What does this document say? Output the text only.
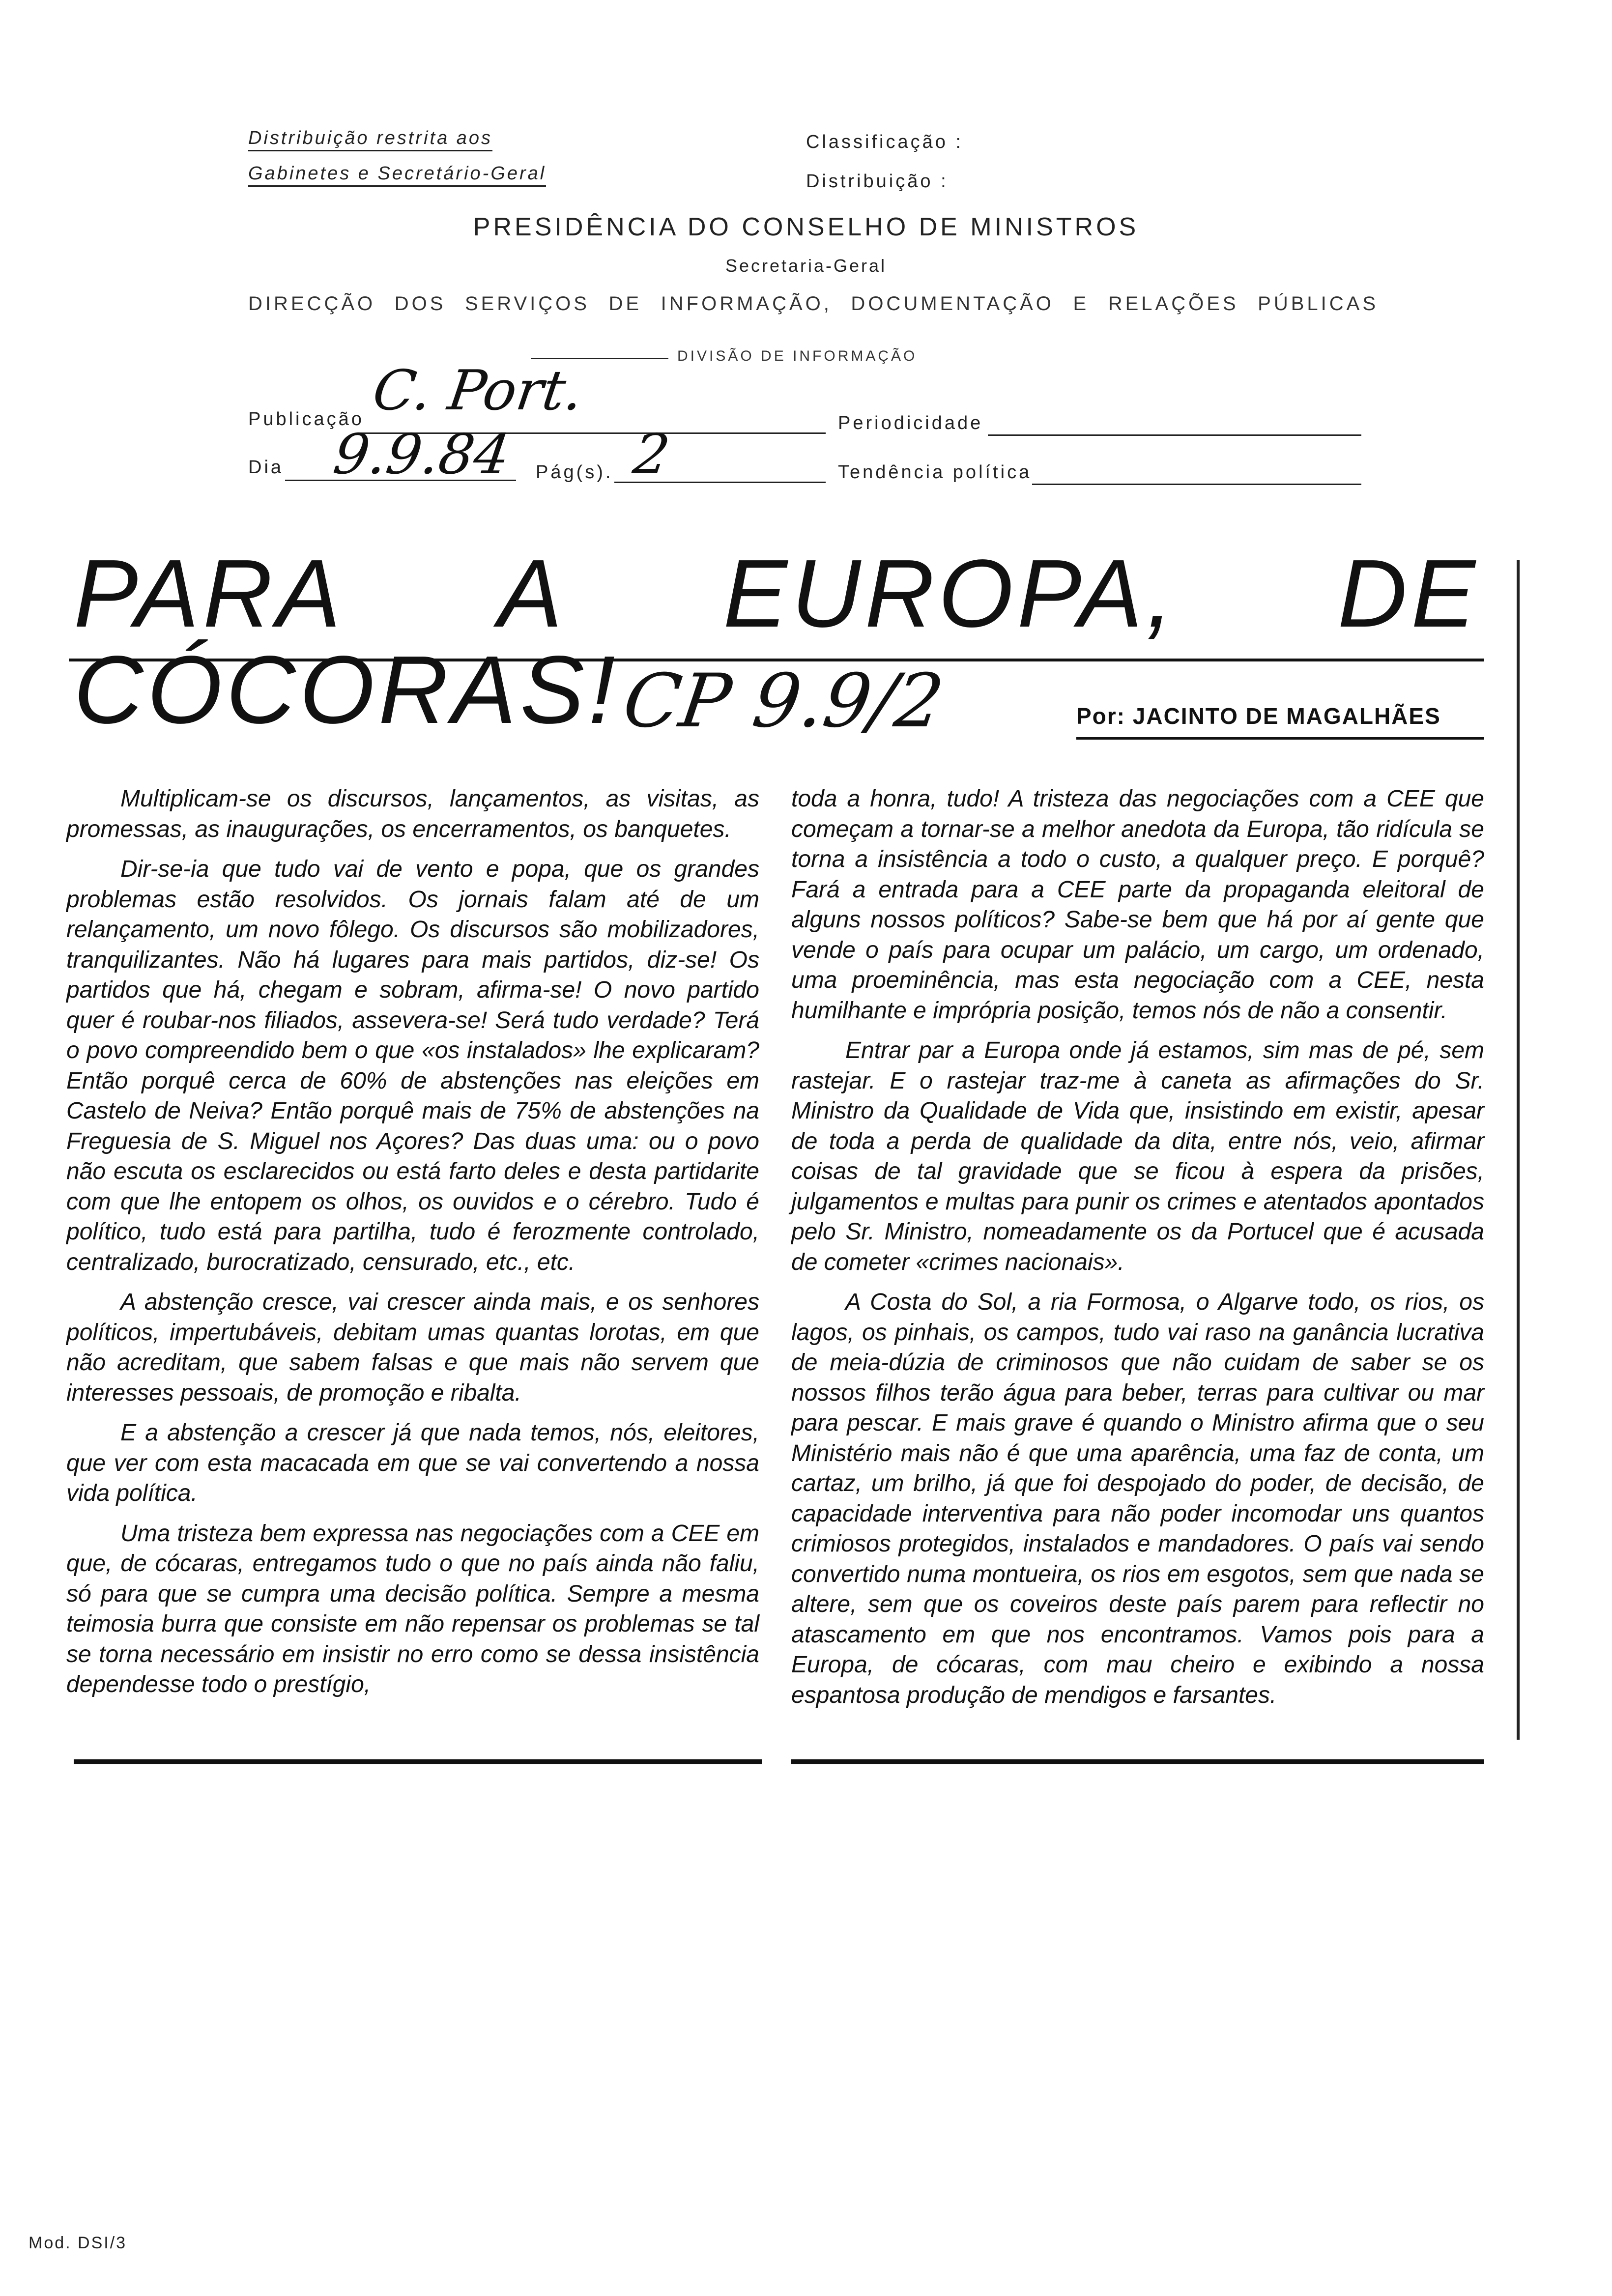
Distribuição restrita aos
Gabinetes e Secretário-Geral
Classificação :
Distribuição :
PRESIDÊNCIA DO CONSELHO DE MINISTROS
Secretaria-Geral
DIRECÇÃO DOS SERVIÇOS DE INFORMAÇÃO, DOCUMENTAÇÃO E RELAÇÕES PÚBLICAS
DIVISÃO DE INFORMAÇÃO
Publicação C. Port.
Periodicidade
Dia 9.9.84 Pág(s). 2	Tendência política
PARA A EUROPA, DE CÓCORAS!
CP 9.9/2	Por: JACINTO DE MAGALHÃES

Multiplicam-se os discursos, lançamentos, as visitas, as promessas, as inaugurações, os encerramentos, os banquetes.

Dir-se-ia que tudo vai de vento e popa, que os grandes problemas estão resolvidos. Os jornais falam até de um relançamento, um novo fôlego. Os discursos são mobilizadores, tranquilizantes. Não há lugares para mais partidos, diz-se! Os partidos que há, chegam e sobram, afirma-se! O novo partido quer é roubar-nos filiados, assevera-se! Será tudo verdade? Terá o povo compreendido bem o que «os instalados» lhe explicaram? Então porquê cerca de 60% de abstenções nas eleições em Castelo de Neiva? Então porquê mais de 75% de abstenções na Freguesia de S. Miguel nos Açores? Das duas uma: ou o povo não escuta os esclarecidos ou está farto deles e desta partidarite com que lhe entopem os olhos, os ouvidos e o cérebro. Tudo é político, tudo está para partilha, tudo é ferozmente controlado, centralizado, burocratizado, censurado, etc., etc.

A abstenção cresce, vai crescer ainda mais, e os senhores políticos, impertubáveis, debitam umas quantas lorotas, em que não acreditam, que sabem falsas e que mais não servem que interesses pessoais, de promoção e ribalta.

E a abstenção a crescer já que nada temos, nós, eleitores, que ver com esta macacada em que se vai convertendo a nossa vida política.

Uma tristeza bem expressa nas negociações com a CEE em que, de cócaras, entregamos tudo o que no país ainda não faliu, só para que se cumpra uma decisão política. Sempre a mesma teimosia burra que consiste em não repensar os problemas se tal se torna necessário em insistir no erro como se dessa insistência dependesse todo o prestígio,

toda a honra, tudo! A tristeza das negociações com a CEE que começam a tornar-se a melhor anedota da Europa, tão ridícula se torna a insistência a todo o custo, a qualquer preço. E porquê? Fará a entrada para a CEE parte da propaganda eleitoral de alguns nossos políticos? Sabe-se bem que há por aí gente que vende o país para ocupar um palácio, um cargo, um ordenado, uma proeminência, mas esta negociação com a CEE, nesta humilhante e imprópria posição, temos nós de não a consentir.

Entrar par a Europa onde já estamos, sim mas de pé, sem rastejar. E o rastejar traz-me à caneta as afirmações do Sr. Ministro da Qualidade de Vida que, insistindo em existir, apesar de toda a perda de qualidade da dita, entre nós, veio, afirmar coisas de tal gravidade que se ficou à espera da prisões, julgamentos e multas para punir os crimes e atentados apontados pelo Sr. Ministro, nomeadamente os da Portucel que é acusada de cometer «crimes nacionais».

A Costa do Sol, a ria Formosa, o Algarve todo, os rios, os lagos, os pinhais, os campos, tudo vai raso na ganância lucrativa de meia-dúzia de criminosos que não cuidam de saber se os nossos filhos terão água para beber, terras para cultivar ou mar para pescar. E mais grave é quando o Ministro afirma que o seu Ministério mais não é que uma aparência, uma faz de conta, um cartaz, um brilho, já que foi despojado do poder, de decisão, de capacidade interventiva para não poder incomodar uns quantos crimiosos protegidos, instalados e mandadores. O país vai sendo convertido numa montueira, os rios em esgotos, sem que nada se altere, sem que os coveiros deste país parem para reflectir no atascamento em que nos encontramos. Vamos pois para a Europa, de cócaras, com mau cheiro e exibindo a nossa espantosa produção de mendigos e farsantes.

Mod. DSI/3
